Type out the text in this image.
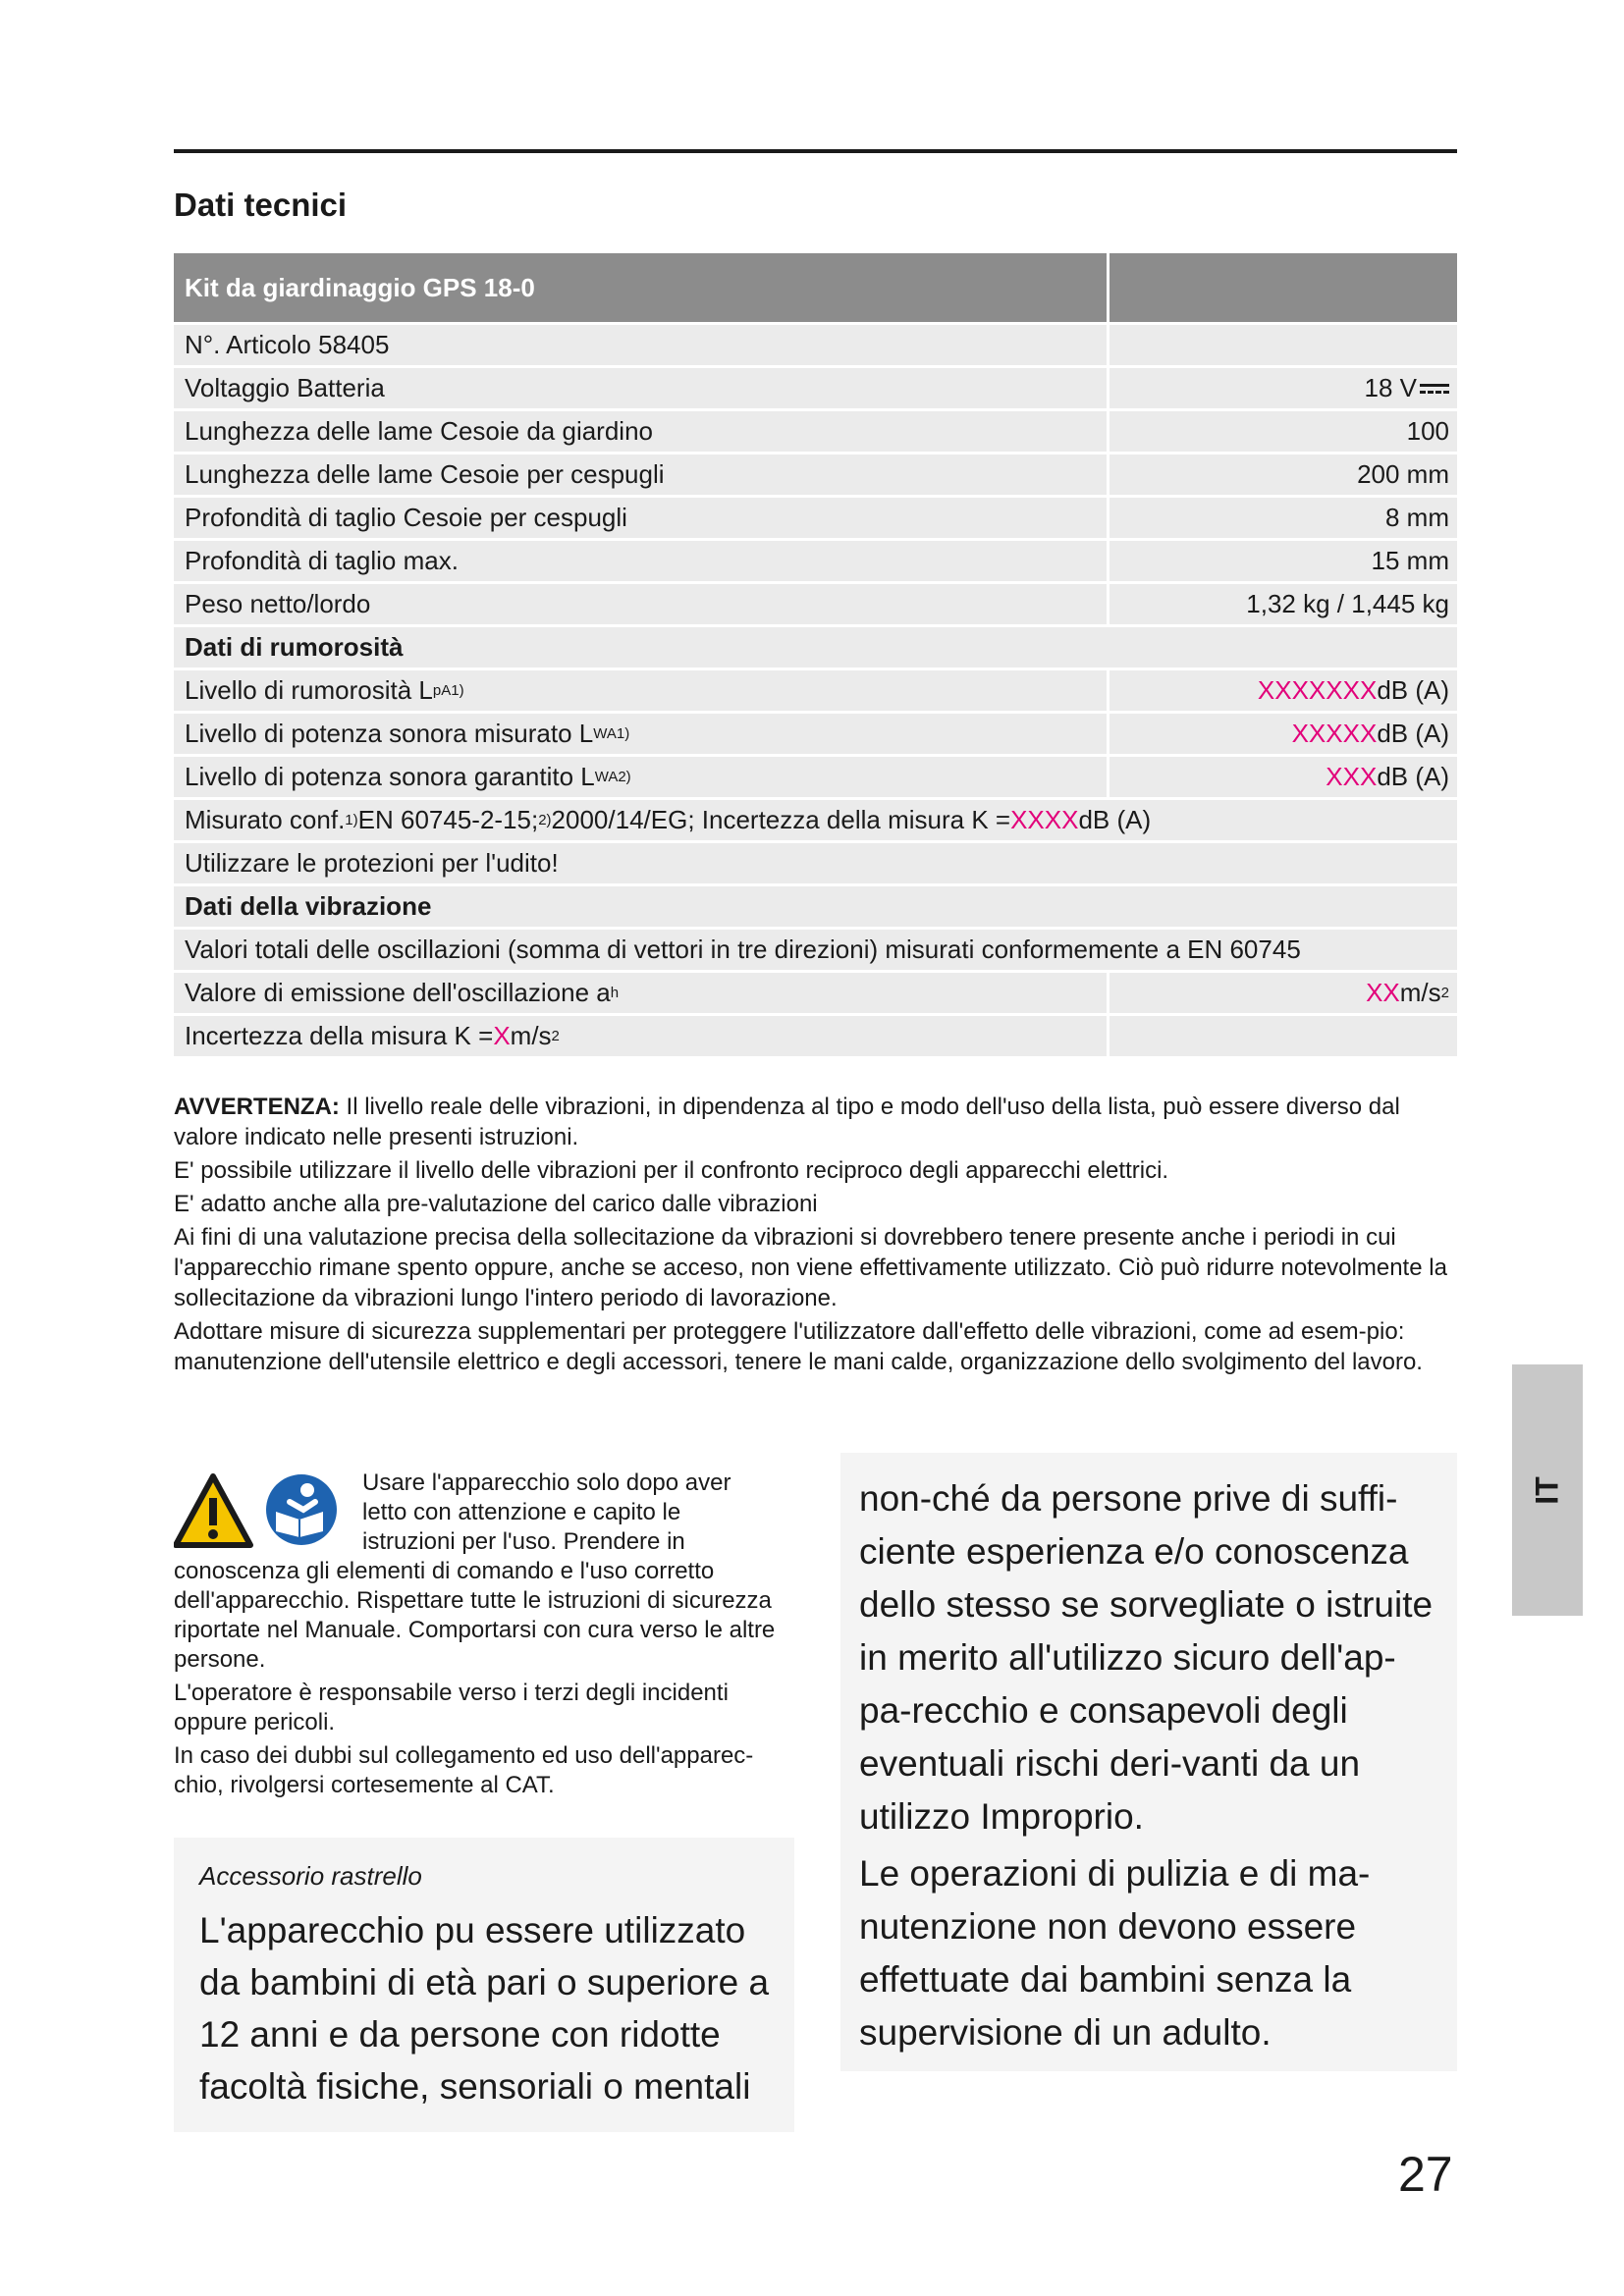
Dati tecnici
Kit da giardinaggio GPS 18-0
N°. Articolo 58405
Voltaggio Batteria	18 V
Lunghezza delle lame Cesoie da giardino	100
Lunghezza delle lame Cesoie per cespugli	200 mm
Profondità di taglio Cesoie per cespugli	8 mm
Profondità di taglio max.	15 mm
Peso netto/lordo	1,32 kg / 1,445 kg
Dati di rumorosità
Livello di rumorosità L pA 1)	XXXXXXX dB (A)
Livello di potenza sonora misurato L WA 1)	XXXXX dB (A)
Livello di potenza sonora garantito L WA 2)	XXX dB (A)
Misurato conf. 1) EN 60745-2-15; 2) 2000/14/EG; Incertezza della misura K = XXXX dB (A)
Utilizzare le protezioni per l'udito!
Dati della vibrazione
Valori totali delle oscillazioni (somma di vettori in tre direzioni) misurati conformemente a EN 60745
Valore di emissione dell'oscillazione a h	XX m/s 2
Incertezza della misura K = X m/s 2

AVVERTENZA: Il livello reale delle vibrazioni, in dipendenza al tipo e modo dell'uso della lista, può essere diverso dal valore indicato nelle presenti istruzioni.

E' possibile utilizzare il livello delle vibrazioni per il confronto reciproco degli apparecchi elettrici.

E' adatto anche alla pre-valutazione del carico dalle vibrazioni

Ai fini di una valutazione precisa della sollecitazione da vibrazioni si dovrebbero tenere presente anche i periodi in cui l'apparecchio rimane spento oppure, anche se acceso, non viene effettivamente utilizzato. Ciò può ridurre notevolmente la sollecitazione da vibrazioni lungo l'intero periodo di lavorazione.

Adottare misure di sicurezza supplementari per proteggere l'utilizzatore dall'effetto delle vibrazioni, come ad esem-pio: manutenzione dell'utensile elettrico e degli accessori, tenere le mani calde, organizzazione dello svolgimento del lavoro.

IT

Usare l'apparecchio solo dopo aver
letto con attenzione e capito le
istruzioni per l'uso. Prendere in

conoscenza gli elementi di comando e l'uso corretto dell'apparecchio. Rispettare tutte le istruzioni di sicurezza riportate nel Manuale. Comportarsi con cura verso le altre persone.

L'operatore è responsabile verso i terzi degli incidenti oppure pericoli.

In caso dei dubbi sul collegamento ed uso dell'apparec-chio, rivolgersi cortesemente al CAT.

Accessorio rastrello
L'apparecchio pu essere utilizzato da bambini di età pari o superiore a 12 anni e da persone con ridotte facoltà fisiche, sensoriali o mentali

non-ché da persone prive di suffi-ciente esperienza e/o conoscenza dello stesso se sorvegliate o istruite in merito all'utilizzo sicuro dell'ap-pa-recchio e consapevoli degli eventuali rischi deri-vanti da un utilizzo Improprio.

Le operazioni di pulizia e di ma-nutenzione non devono essere effettuate dai bambini senza la supervisione di un adulto.

27
